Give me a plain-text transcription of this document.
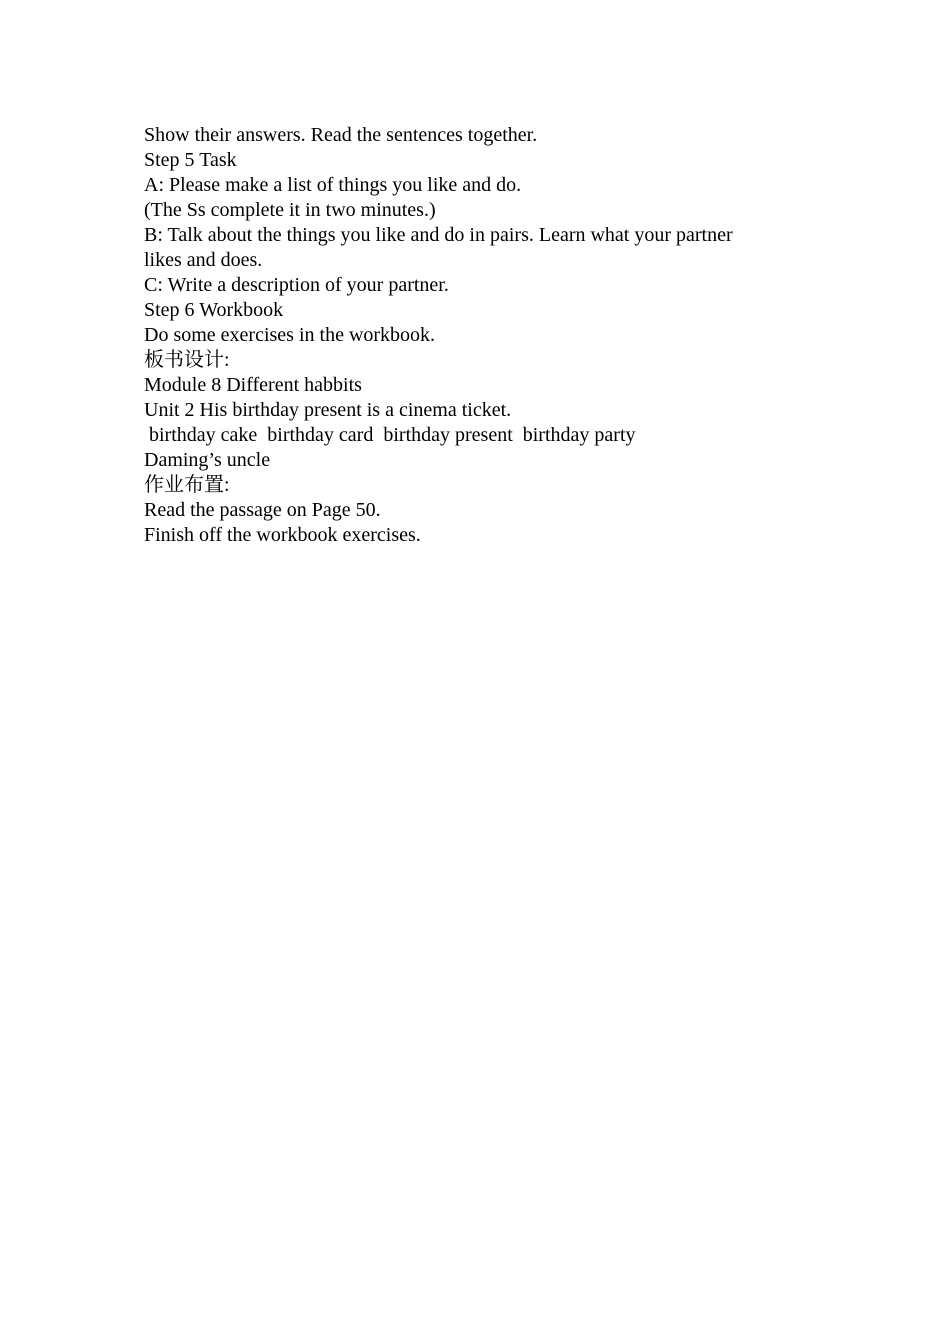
Show their answers. Read the sentences together.

Step 5 Task

A: Please make a list of things you like and do.

(The Ss complete it in two minutes.)

B: Talk about the things you like and do in pairs. Learn what your partner

likes and does.

C: Write a description of your partner.

Step 6 Workbook

Do some exercises in the workbook.

板书设计:

Module 8 Different habbits

Unit 2 His birthday present is a cinema ticket.

birthday cake  birthday card  birthday present  birthday party

Daming’s uncle

作业布置:

Read the passage on Page 50.

Finish off the workbook exercises.
